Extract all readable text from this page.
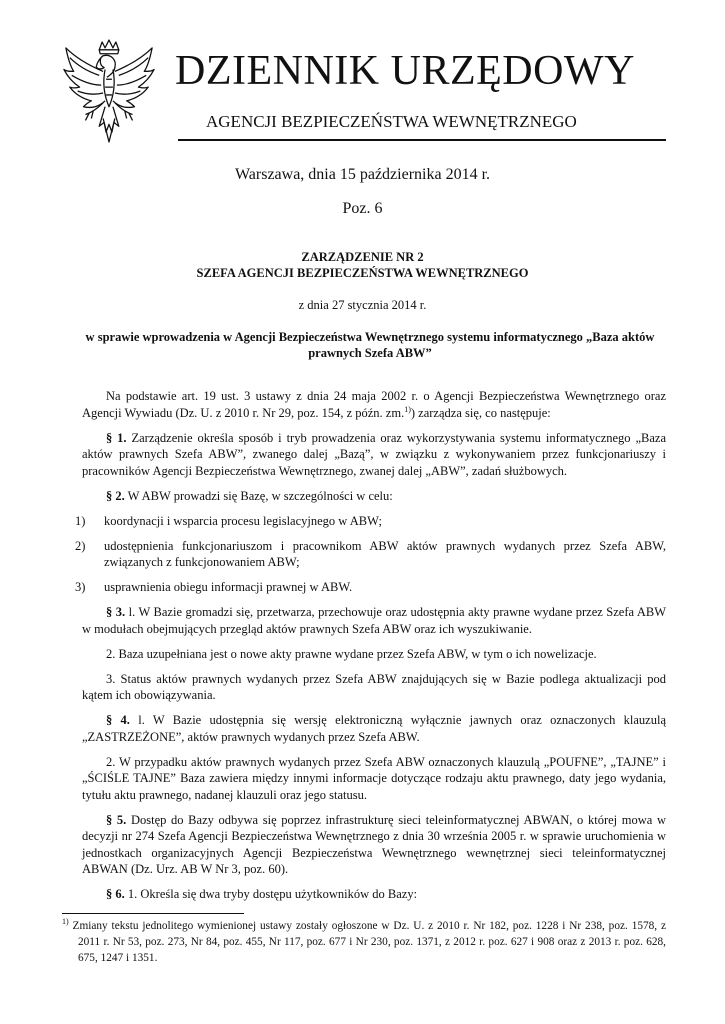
DZIENNIK URZĘDOWY
AGENCJI BEZPIECZEŃSTWA WEWNĘTRZNEGO
Warszawa, dnia 15 października 2014 r.
Poz. 6
ZARZĄDZENIE NR 2
SZEFA AGENCJI BEZPIECZEŃSTWA WEWNĘTRZNEGO
z dnia 27 stycznia 2014 r.
w sprawie wprowadzenia w Agencji Bezpieczeństwa Wewnętrznego systemu informatycznego „Baza aktów prawnych Szefa ABW”

Na podstawie art. 19 ust. 3 ustawy z dnia 24 maja 2002 r. o Agencji Bezpieczeństwa Wewnętrznego oraz Agencji Wywiadu (Dz. U. z 2010 r. Nr 29, poz. 154, z późn. zm.$^{1)}$) zarządza się, co następuje:

§ 1. Zarządzenie określa sposób i tryb prowadzenia oraz wykorzystywania systemu informatycznego „Baza aktów prawnych Szefa ABW”, zwanego dalej „Bazą”, w związku z wykonywaniem przez funkcjonariuszy i pracowników Agencji Bezpieczeństwa Wewnętrznego, zwanej dalej „ABW”, zadań służbowych.

§ 2. W ABW prowadzi się Bazę, w szczególności w celu:

1) koordynacji i wsparcia procesu legislacyjnego w ABW;

2) udostępnienia funkcjonariuszom i pracownikom ABW aktów prawnych wydanych przez Szefa ABW, związanych z funkcjonowaniem ABW;

3) usprawnienia obiegu informacji prawnej w ABW.

§ 3. l. W Bazie gromadzi się, przetwarza, przechowuje oraz udostępnia akty prawne wydane przez Szefa ABW w modułach obejmujących przegląd aktów prawnych Szefa ABW oraz ich wyszukiwanie.

2. Baza uzupełniana jest o nowe akty prawne wydane przez Szefa ABW, w tym o ich nowelizacje.

3. Status aktów prawnych wydanych przez Szefa ABW znajdujących się w Bazie podlega aktualizacji pod kątem ich obowiązywania.

§ 4. l. W Bazie udostępnia się wersję elektroniczną wyłącznie jawnych oraz oznaczonych klauzulą „ZASTRZEŻONE”, aktów prawnych wydanych przez Szefa ABW.

2. W przypadku aktów prawnych wydanych przez Szefa ABW oznaczonych klauzulą „POUFNE”, „TAJNE” i „ŚCIŚLE TAJNE” Baza zawiera między innymi informacje dotyczące rodzaju aktu prawnego, daty jego wydania, tytułu aktu prawnego, nadanej klauzuli oraz jego statusu.

§ 5. Dostęp do Bazy odbywa się poprzez infrastrukturę sieci teleinformatycznej ABWAN, o której mowa w decyzji nr 274 Szefa Agencji Bezpieczeństwa Wewnętrznego z dnia 30 września 2005 r. w sprawie uruchomienia w jednostkach organizacyjnych Agencji Bezpieczeństwa Wewnętrznego wewnętrznej sieci teleinformatycznej ABWAN (Dz. Urz. AB W Nr 3, poz. 60).

§ 6. 1. Określa się dwa tryby dostępu użytkowników do Bazy:

$^{1)}$ Zmiany tekstu jednolitego wymienionej ustawy zostały ogłoszone w Dz. U. z 2010 r. Nr 182, poz. 1228 i Nr 238, poz. 1578, z 2011 r. Nr 53, poz. 273, Nr 84, poz. 455, Nr 117, poz. 677 i Nr 230, poz. 1371, z 2012 r. poz. 627 i 908 oraz z 2013 r. poz. 628, 675, 1247 i 1351.
